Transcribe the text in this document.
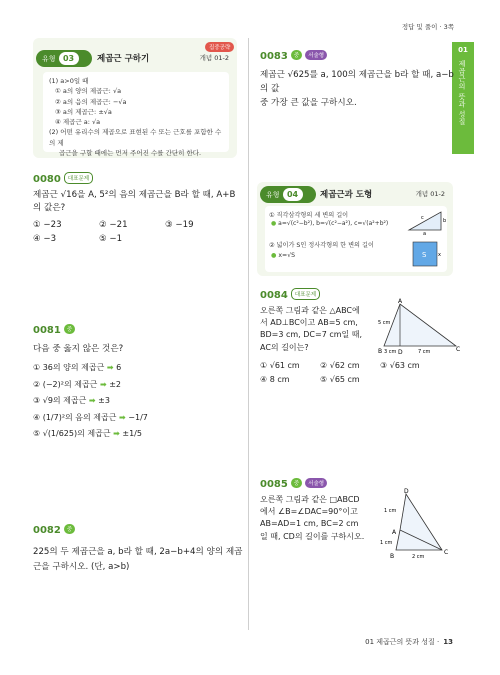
정답 및 풀이 · 3쪽
01
제곱근의 뜻과 성질
유형 03	제곱근 구하기	개념 01-2
집중공략
(1) a>0일 때
① a의 양의 제곱근: √a
② a의 음의 제곱근: −√a
③ a의 제곱근: ±√a
④ 제곱근 a: √a
(2) 어떤 유리수의 제곱으로 표현된 수 또는 근호를 포함한 수의 제
곱근을 구할 때에는 먼저 주어진 수를 간단히 한다.
0080 대표문제
제곱근 √16을 A, 5²의 음의 제곱근을 B라 할 때, A+B
의 값은?
① −23	② −21	③ −19
④ −3	⑤ −1
0081 중
다음 중 옳지 않은 것은?
① 36의 양의 제곱근 ➡ 6
② (−2)²의 제곱근 ➡ ±2
③ √9의 제곱근 ➡ ±3
④ (1/7)²의 음의 제곱근 ➡ −1/7
⑤ √(1/625)의 제곱근 ➡ ±1/5
0082 중
225의 두 제곱근을 a, b라 할 때, 2a−b+4의 양의 제곱
근을 구하시오. (단, a>b)
0083 중 서술형
제곱근 √625를 a, 100의 제곱근을 b라 할 때, a−b의 값
중 가장 큰 값을 구하시오.
유형 04	제곱근과 도형	개념 01-2
① 직각삼각형의 세 변의 길이
● a=√(c²−b²), b=√(c²−a²), c=√(a²+b²)
② 넓이가 S인 정사각형의 한 변의 길이
● x=√S
a
b
c
S x
0084 대표문제
오른쪽 그림과 같은 △ABC에
서 AD⊥BC이고 AB=5 cm,
BD=3 cm, DC=7 cm일 때,
AC의 길이는?
A
B	C
D
5 cm
3 cm	7 cm
① √61 cm	② √62 cm	③ √63 cm
④ 8 cm	⑤ √65 cm
0085 중 서술형
오른쪽 그림과 같은 □ABCD
에서 ∠B=∠DAC=90°이고
AB=AD=1 cm, BC=2 cm
일 때, CD의 길이를 구하시오.
D
A
B
C
1 cm
1 cm
2 cm
01 제곱근의 뜻과 성질 · 13
